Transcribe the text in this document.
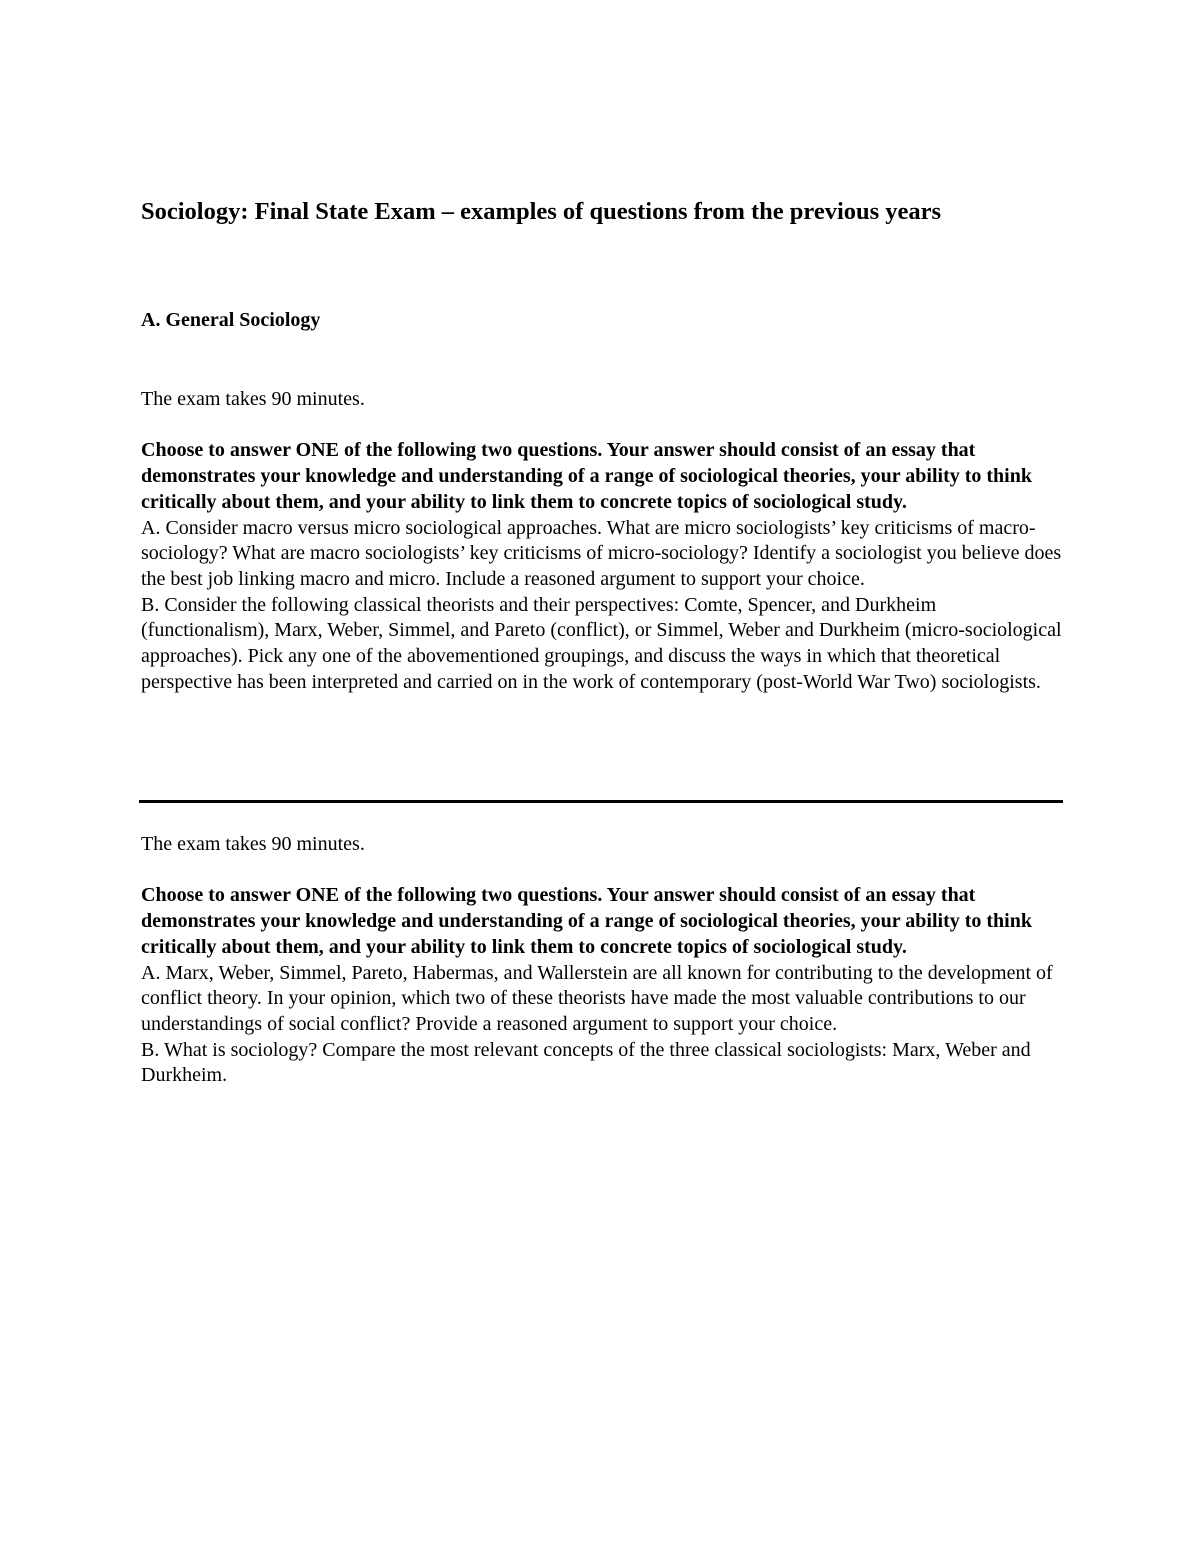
Sociology: Final State Exam – examples of questions from the previous years
A. General Sociology

The exam takes 90 minutes.

Choose to answer ONE of the following two questions. Your answer should consist of an essay that demonstrates your knowledge and understanding of a range of sociological theories, your ability to think critically about them, and your ability to link them to concrete topics of sociological study.

A. Consider macro versus micro sociological approaches. What are micro sociologists’ key criticisms of macro-sociology? What are macro sociologists’ key criticisms of micro-sociology? Identify a sociologist you believe does the best job linking macro and micro. Include a reasoned argument to support your choice.

B. Consider the following classical theorists and their perspectives: Comte, Spencer, and Durkheim (functionalism), Marx, Weber, Simmel, and Pareto (conflict), or Simmel, Weber and Durkheim (micro-sociological approaches). Pick any one of the abovementioned groupings, and discuss the ways in which that theoretical perspective has been interpreted and carried on in the work of contemporary (post-World War Two) sociologists.

The exam takes 90 minutes.

Choose to answer ONE of the following two questions. Your answer should consist of an essay that demonstrates your knowledge and understanding of a range of sociological theories, your ability to think critically about them, and your ability to link them to concrete topics of sociological study.

A. Marx, Weber, Simmel, Pareto, Habermas, and Wallerstein are all known for contributing to the development of conflict theory. In your opinion, which two of these theorists have made the most valuable contributions to our understandings of social conflict? Provide a reasoned argument to support your choice.

B. What is sociology? Compare the most relevant concepts of the three classical sociologists: Marx, Weber and Durkheim.
